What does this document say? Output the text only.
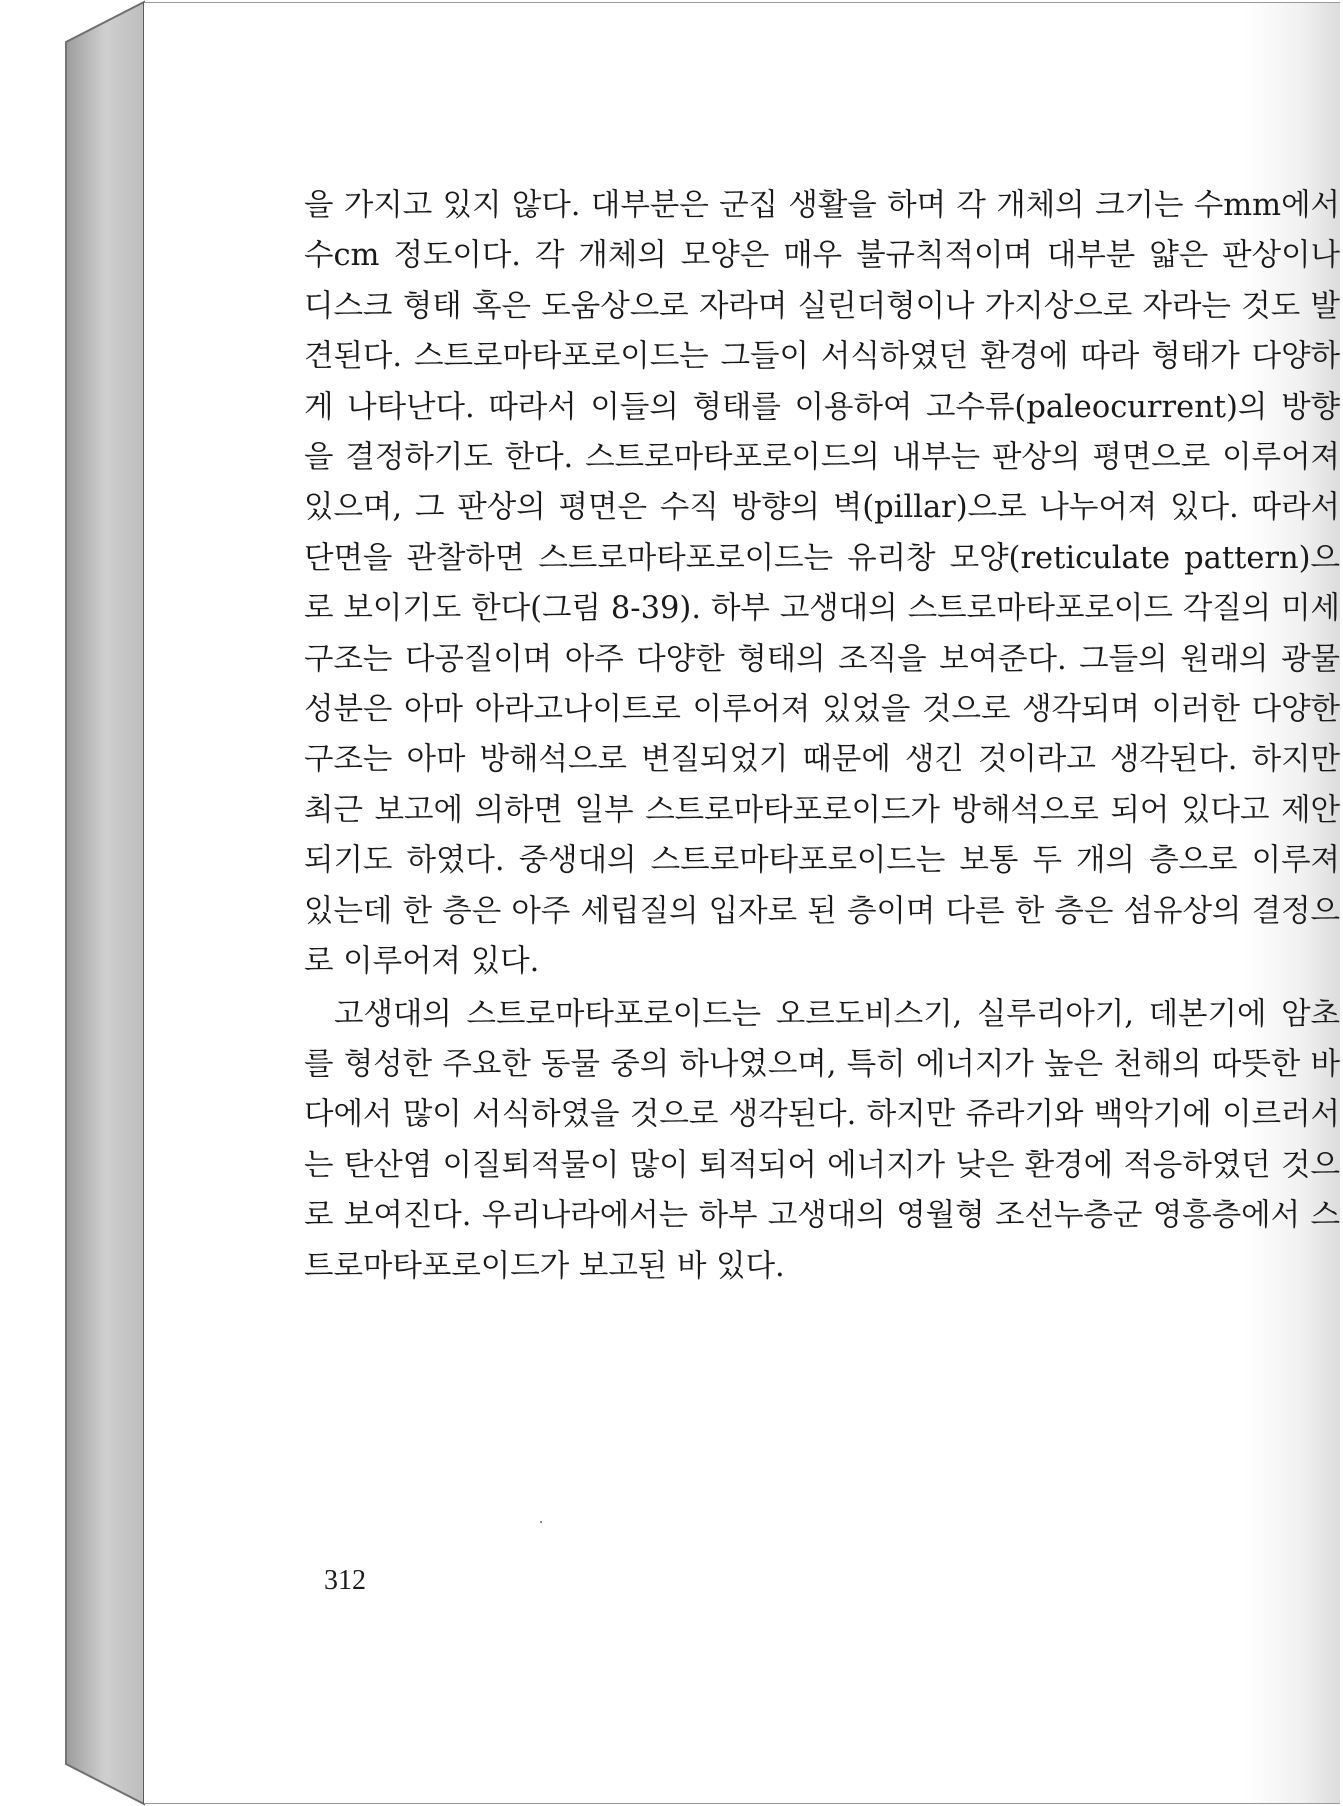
을 가지고 있지 않다. 대부분은 군집 생활을 하며 각 개체의 크기는 수mm에서 수cm 정도이다. 각 개체의 모양은 매우 불규칙적이며 대부분 얇은 판상이나 디스크 형태 혹은 도움상으로 자라며 실린더형이나 가지상으로 자라는 것도 발견된다. 스트로마타포로이드는 그들이 서식하였던 환경에 따라 형태가 다양하게 나타난다. 따라서 이들의 형태를 이용하여 고수류(paleocurrent)의 방향을 결정하기도 한다. 스트로마타포로이드의 내부는 판상의 평면으로 이루어져 있으며, 그 판상의 평면은 수직 방향의 벽(pillar)으로 나누어져 있다. 따라서 단면을 관찰하면 스트로마타포로이드는 유리창 모양(reticulate pattern)으로 보이기도 한다(그림 8-39). 하부 고생대의 스트로마타포로이드 각질의 미세구조는 다공질이며 아주 다양한 형태의 조직을 보여준다. 그들의 원래의 광물 성분은 아마 아라고나이트로 이루어져 있었을 것으로 생각되며 이러한 다양한 구조는 아마 방해석으로 변질되었기 때문에 생긴 것이라고 생각된다. 하지만 최근 보고에 의하면 일부 스트로마타포로이드가 방해석으로 되어 있다고 제안되기도 하였다. 중생대의 스트로마타포로이드는 보통 두 개의 층으로 이루져 있는데 한 층은 아주 세립질의 입자로 된 층이며 다른 한 층은 섬유상의 결정으로 이루어져 있다.

고생대의 스트로마타포로이드는 오르도비스기, 실루리아기, 데본기에 암초를 형성한 주요한 동물 중의 하나였으며, 특히 에너지가 높은 천해의 따뜻한 바다에서 많이 서식하였을 것으로 생각된다. 하지만 쥬라기와 백악기에 이르러서는 탄산염 이질퇴적물이 많이 퇴적되어 에너지가 낮은 환경에 적응하였던 것으로 보여진다. 우리나라에서는 하부 고생대의 영월형 조선누층군 영흥층에서 스트로마타포로이드가 보고된 바 있다.

312
